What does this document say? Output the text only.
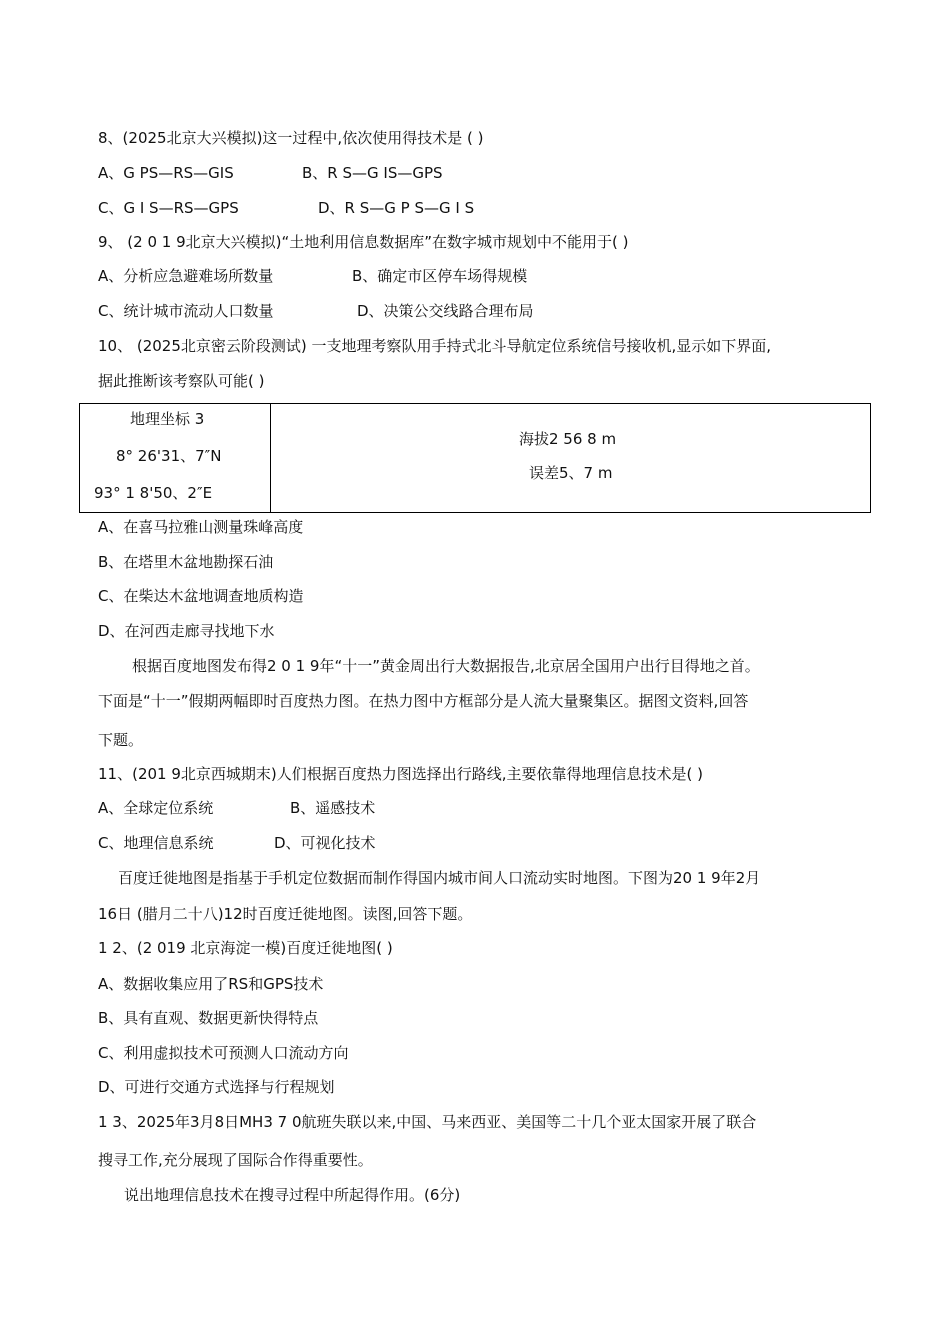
8、(2025北京大兴模拟)这一过程中,依次使用得技术是 ( )
A、G PS—RS—GIS	B、R S—G IS—GPS
C、G I S—RS—GPS	D、R S—G P S—G I S
9、 (2 0 1 9北京大兴模拟)“土地利用信息数据库”在数字城市规划中不能用于( )
A、分析应急避难场所数量	B、确定市区停车场得规模
C、统计城市流动人口数量	D、决策公交线路合理布局
10、 (2025北京密云阶段测试) 一支地理考察队用手持式北斗导航定位系统信号接收机,显示如下界面,
据此推断该考察队可能( )
地理坐标 3
8° 26'31、7″N
93° 1 8'50、2″E

海拔2 56 8 m
误差5、7 m
A、在喜马拉雅山测量珠峰高度
B、在塔里木盆地勘探石油
C、在柴达木盆地调查地质构造
D、在河西走廊寻找地下水
根据百度地图发布得2 0 1 9年“十一”黄金周出行大数据报告,北京居全国用户出行目得地之首。
下面是“十一”假期两幅即时百度热力图。在热力图中方框部分是人流大量聚集区。据图文资料,回答
下题。
11、(201 9北京西城期末)人们根据百度热力图选择出行路线,主要依靠得地理信息技术是( )
A、全球定位系统	B、遥感技术
C、地理信息系统	D、可视化技术
百度迁徙地图是指基于手机定位数据而制作得国内城市间人口流动实时地图。下图为20 1 9年2月
16日 (腊月二十八)12时百度迁徙地图。读图,回答下题。
1 2、(2 019 北京海淀一模)百度迁徙地图( )
A、数据收集应用了RS和GPS技术
B、具有直观、数据更新快得特点
C、利用虚拟技术可预测人口流动方向
D、可进行交通方式选择与行程规划
1 3、2025年3月8日MH3 7 0航班失联以来,中国、马来西亚、美国等二十几个亚太国家开展了联合
搜寻工作,充分展现了国际合作得重要性。
说出地理信息技术在搜寻过程中所起得作用。(6分)
